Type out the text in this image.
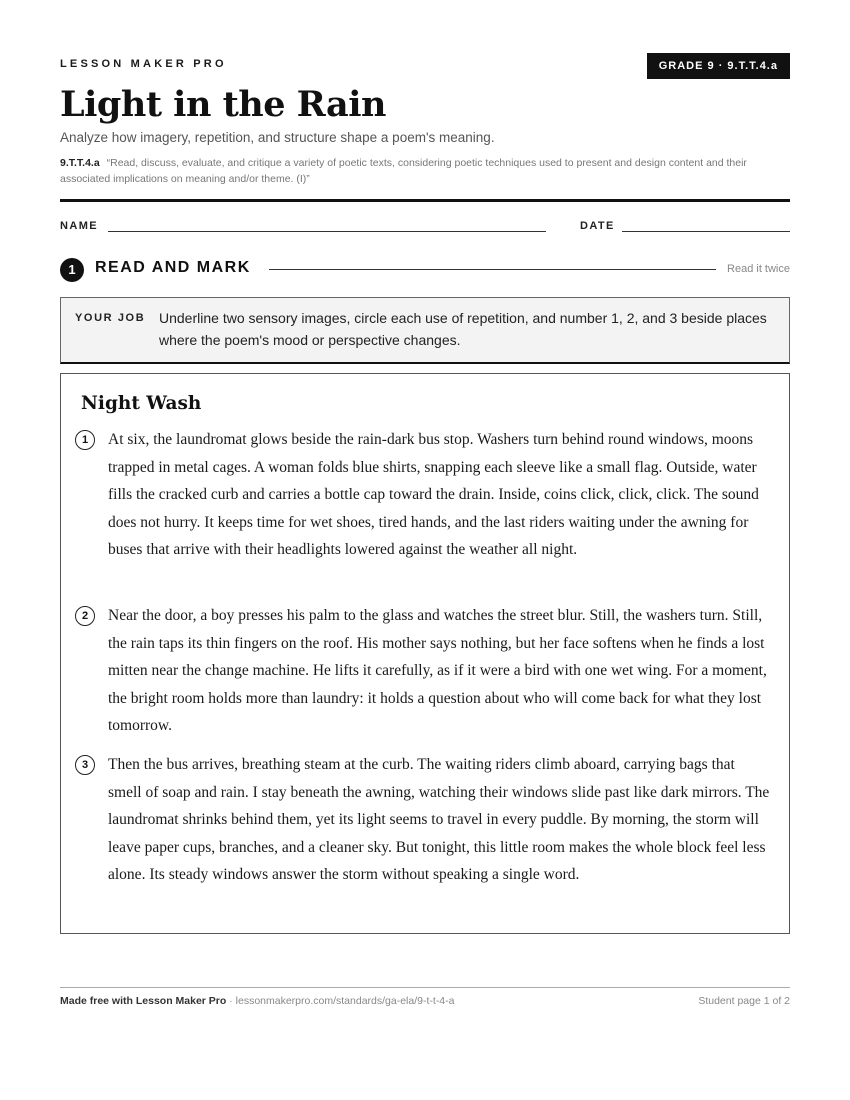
LESSON MAKER PRO	GRADE 9 · 9.T.T.4.a
Light in the Rain
Analyze how imagery, repetition, and structure shape a poem's meaning.
9.T.T.4.a “Read, discuss, evaluate, and critique a variety of poetic texts, considering poetic techniques used to present and design content and their associated implications on meaning and/or theme. (I)”
NAME	DATE
1	READ AND MARK	Read it twice
YOUR JOB Underline two sensory images, circle each use of repetition, and number 1, 2, and 3 beside places where the poem's mood or perspective changes.
Night Wash
1	At six, the laundromat glows beside the rain-dark bus stop. Washers turn behind round windows, moons trapped in metal cages. A woman folds blue shirts, snapping each sleeve like a small flag. Outside, water fills the cracked curb and carries a bottle cap toward the drain. Inside, coins click, click, click. The sound does not hurry. It keeps time for wet shoes, tired hands, and the last riders waiting under the awning for buses that arrive with their headlights lowered against the weather all night.
2	Near the door, a boy presses his palm to the glass and watches the street blur. Still, the washers turn. Still, the rain taps its thin fingers on the roof. His mother says nothing, but her face softens when he finds a lost mitten near the change machine. He lifts it carefully, as if it were a bird with one wet wing. For a moment, the bright room holds more than laundry: it holds a question about who will come back for what they lost tomorrow.
3	Then the bus arrives, breathing steam at the curb. The waiting riders climb aboard, carrying bags that smell of soap and rain. I stay beneath the awning, watching their windows slide past like dark mirrors. The laundromat shrinks behind them, yet its light seems to travel in every puddle. By morning, the storm will leave paper cups, branches, and a cleaner sky. But tonight, this little room makes the whole block feel less alone. Its steady windows answer the storm without speaking a single word.
Made free with Lesson Maker Pro · lessonmakerpro.com/standards/ga-ela/9-t-t-4-a	Student page 1 of 2
